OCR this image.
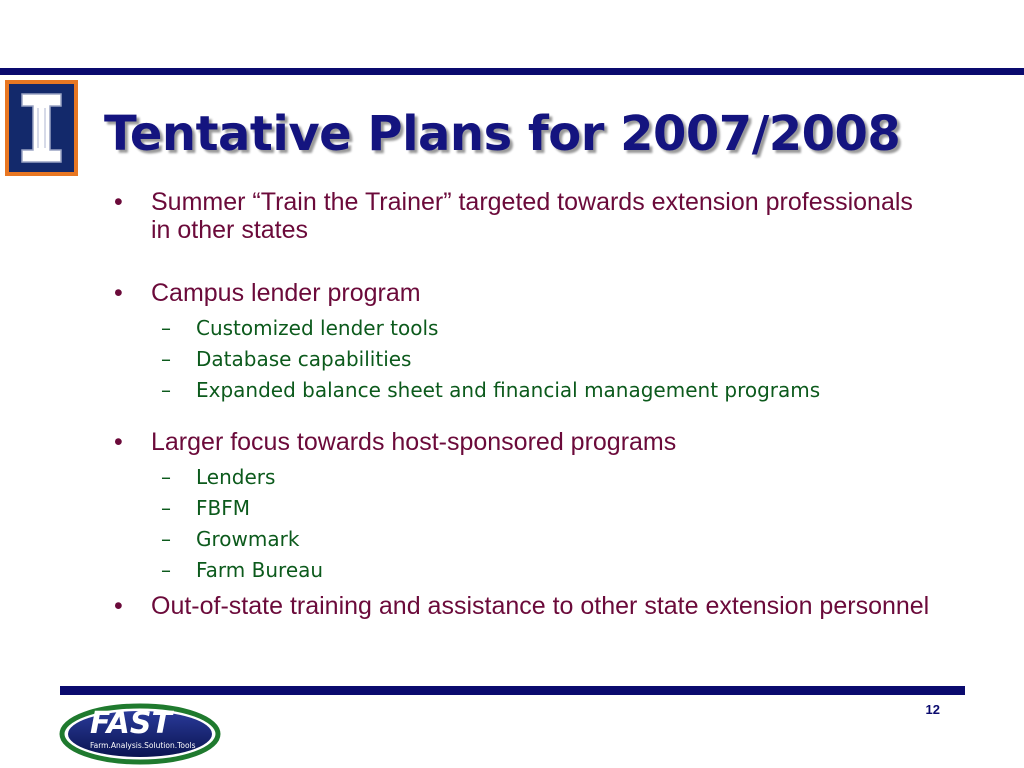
Tentative Plans for 2007/2008
•	Summer “Train the Trainer” targeted towards extension professionals in other states
•	Campus lender program
– Customized lender tools
– Database capabilities
– Expanded balance sheet and financial management programs
•	Larger focus towards host-sponsored programs
– Lenders
– FBFM
– Growmark
– Farm Bureau
•	Out-of-state training and assistance to other state extension personnel
FAST
Farm.Analysis.Solution.Tools
12
